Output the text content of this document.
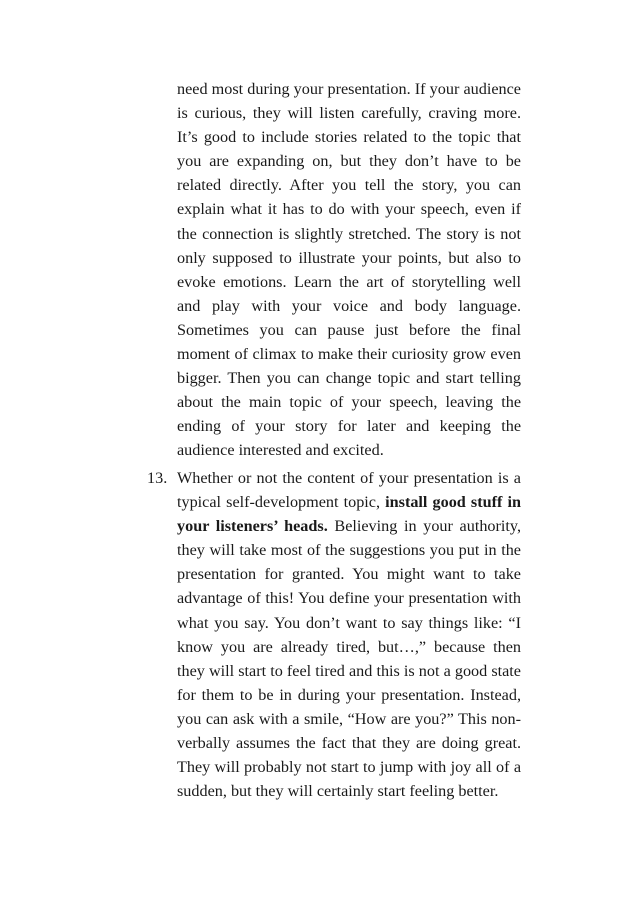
need most during your presentation. If your audience is curious, they will listen carefully, craving more. It’s good to include stories related to the topic that you are expanding on, but they don’t have to be related directly. After you tell the story, you can explain what it has to do with your speech, even if the connection is slightly stretched. The story is not only supposed to illustrate your points, but also to evoke emotions. Learn the art of storytelling well and play with your voice and body language. Sometimes you can pause just before the final moment of climax to make their curiosity grow even bigger. Then you can change topic and start telling about the main topic of your speech, leaving the ending of your story for later and keeping the audience interested and excited.
13. Whether or not the content of your presentation is a typical self-development topic, install good stuff in your listeners’ heads. Believing in your authority, they will take most of the suggestions you put in the presentation for granted. You might want to take advantage of this! You define your presentation with what you say. You don’t want to say things like: “I know you are already tired, but…,” because then they will start to feel tired and this is not a good state for them to be in during your presentation. Instead, you can ask with a smile, “How are you?” This non-verbally assumes the fact that they are doing great. They will probably not start to jump with joy all of a sudden, but they will certainly start feeling better.
